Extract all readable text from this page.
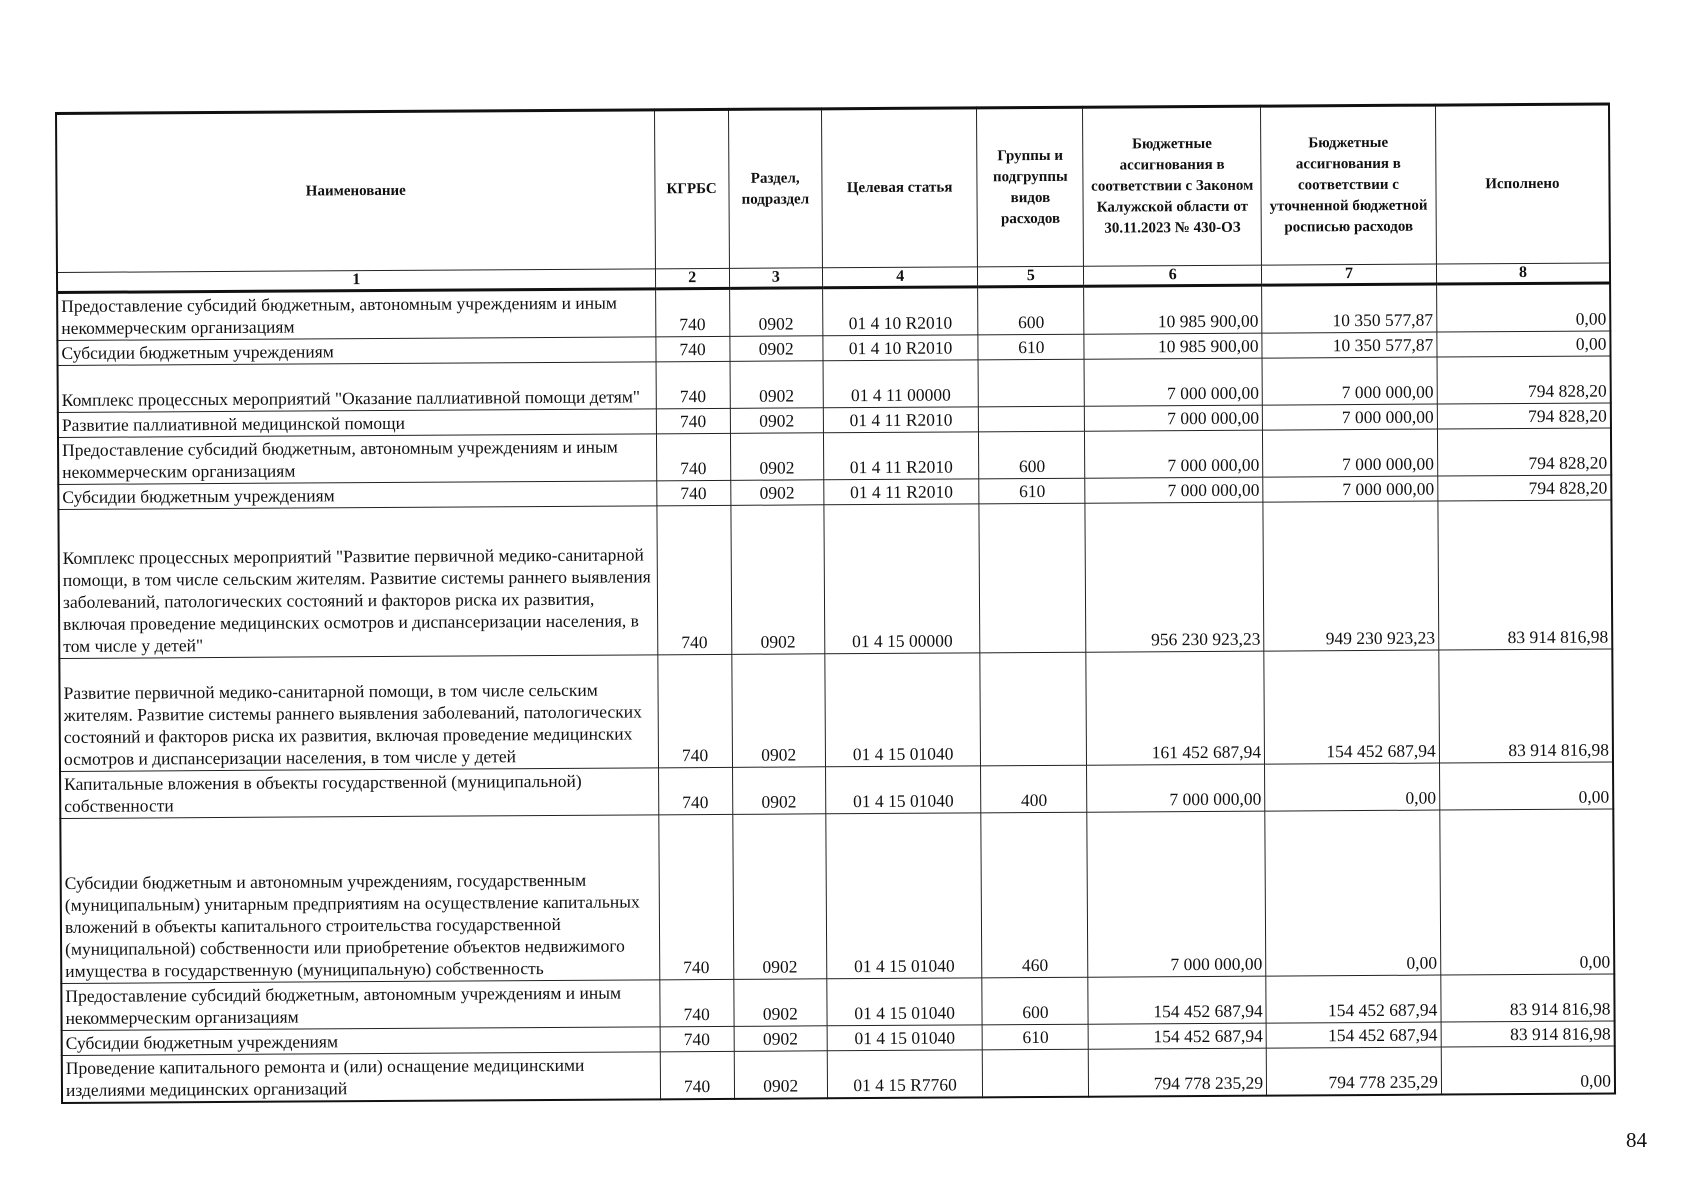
Наименование	КГРБС	Раздел, подраздел	Целевая статья	Группы и подгруппы видов расходов	Бюджетные ассигнования в соответствии с Законом Калужской области от 30.11.2023 № 430-ОЗ	Бюджетные ассигнования в соответствии с уточненной бюджетной росписью расходов	Исполнено
1	2	3	4	5	6	7	8
Предоставление субсидий бюджетным, автономным учреждениям и иным некоммерческим организациям	740	0902	01 4 10 R2010	600	10 985 900,00	10 350 577,87	0,00
Субсидии бюджетным учреждениям	740	0902	01 4 10 R2010	610	10 985 900,00	10 350 577,87	0,00
Комплекс процессных мероприятий "Оказание паллиативной помощи детям"	740	0902	01 4 11 00000		7 000 000,00	7 000 000,00	794 828,20
Развитие паллиативной медицинской помощи	740	0902	01 4 11 R2010		7 000 000,00	7 000 000,00	794 828,20
Предоставление субсидий бюджетным, автономным учреждениям и иным некоммерческим организациям	740	0902	01 4 11 R2010	600	7 000 000,00	7 000 000,00	794 828,20
Субсидии бюджетным учреждениям	740	0902	01 4 11 R2010	610	7 000 000,00	7 000 000,00	794 828,20
Комплекс процессных мероприятий "Развитие первичной медико-санитарной помощи, в том числе сельским жителям. Развитие системы раннего выявления заболеваний, патологических состояний и факторов риска их развития, включая проведение медицинских осмотров и диспансеризации населения, в том числе у детей"	740	0902	01 4 15 00000		956 230 923,23	949 230 923,23	83 914 816,98
Развитие первичной медико-санитарной помощи, в том числе сельским жителям. Развитие системы раннего выявления заболеваний, патологических состояний и факторов риска их развития, включая проведение медицинских осмотров и диспансеризации населения, в том числе у детей	740	0902	01 4 15 01040		161 452 687,94	154 452 687,94	83 914 816,98
Капитальные вложения в объекты государственной (муниципальной) собственности	740	0902	01 4 15 01040	400	7 000 000,00	0,00	0,00
Субсидии бюджетным и автономным учреждениям, государственным (муниципальным) унитарным предприятиям на осуществление капитальных вложений в объекты капитального строительства государственной (муниципальной) собственности или приобретение объектов недвижимого имущества в государственную (муниципальную) собственность	740	0902	01 4 15 01040	460	7 000 000,00	0,00	0,00
Предоставление субсидий бюджетным, автономным учреждениям и иным некоммерческим организациям	740	0902	01 4 15 01040	600	154 452 687,94	154 452 687,94	83 914 816,98
Субсидии бюджетным учреждениям	740	0902	01 4 15 01040	610	154 452 687,94	154 452 687,94	83 914 816,98
Проведение капитального ремонта и (или) оснащение медицинскими изделиями медицинских организаций	740	0902	01 4 15 R7760		794 778 235,29	794 778 235,29	0,00
84
